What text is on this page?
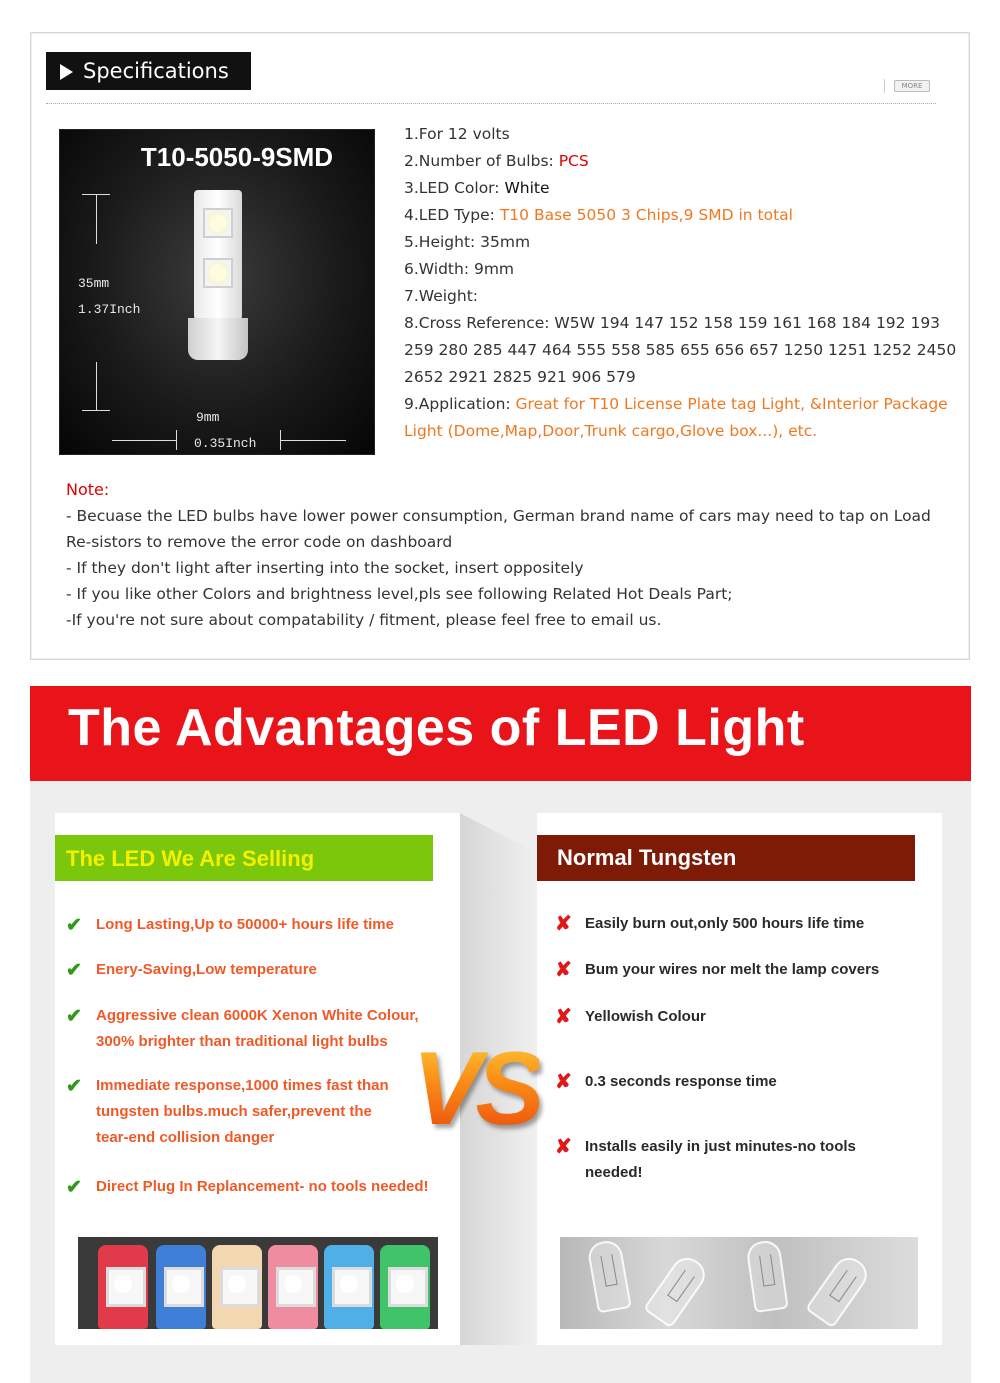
Specifications
MORE
T10-5050-9SMD
35mm
1.37Inch
9mm
0.35Inch
1.For 12 volts
2.Number of Bulbs: PCS
3.LED Color: White
4.LED Type: T10 Base 5050 3 Chips,9 SMD in total
5.Height: 35mm
6.Width: 9mm
7.Weight:
8.Cross Reference: W5W 194 147 152 158 159 161 168 184 192 193 259 280 285 447 464 555 558 585 655 656 657 1250 1251 1252 2450 2652 2921 2825 921 906 579
9.Application: Great for T10 License Plate tag Light, &Interior Package Light (Dome,Map,Door,Trunk cargo,Glove box...), etc.
Note:
- Becuase the LED bulbs have lower power consumption, German brand name of cars may need to tap on Load Re-sistors to remove the error code on dashboard
- If they don't light after inserting into the socket, insert oppositely
- If you like other Colors and brightness level,pls see following Related Hot Deals Part;
-If you're not sure about compatability / fitment, please feel free to email us.
The Advantages of LED Light
The LED We Are Selling	Normal Tungsten
✔ Long Lasting,Up to 50000+ hours life time
✔ Enery-Saving,Low temperature
✔ Aggressive clean 6000K Xenon White Colour, 300% brighter than traditional light bulbs
✔ Immediate response,1000 times fast than tungsten bulbs.much safer,prevent the tear-end collision danger
✔ Direct Plug In Replancement- no tools needed!
✘ Easily burn out,only 500 hours life time
✘ Bum your wires nor melt the lamp covers
✘ Yellowish Colour
✘ 0.3 seconds response time
✘ Installs easily in just minutes-no tools needed!
VS
